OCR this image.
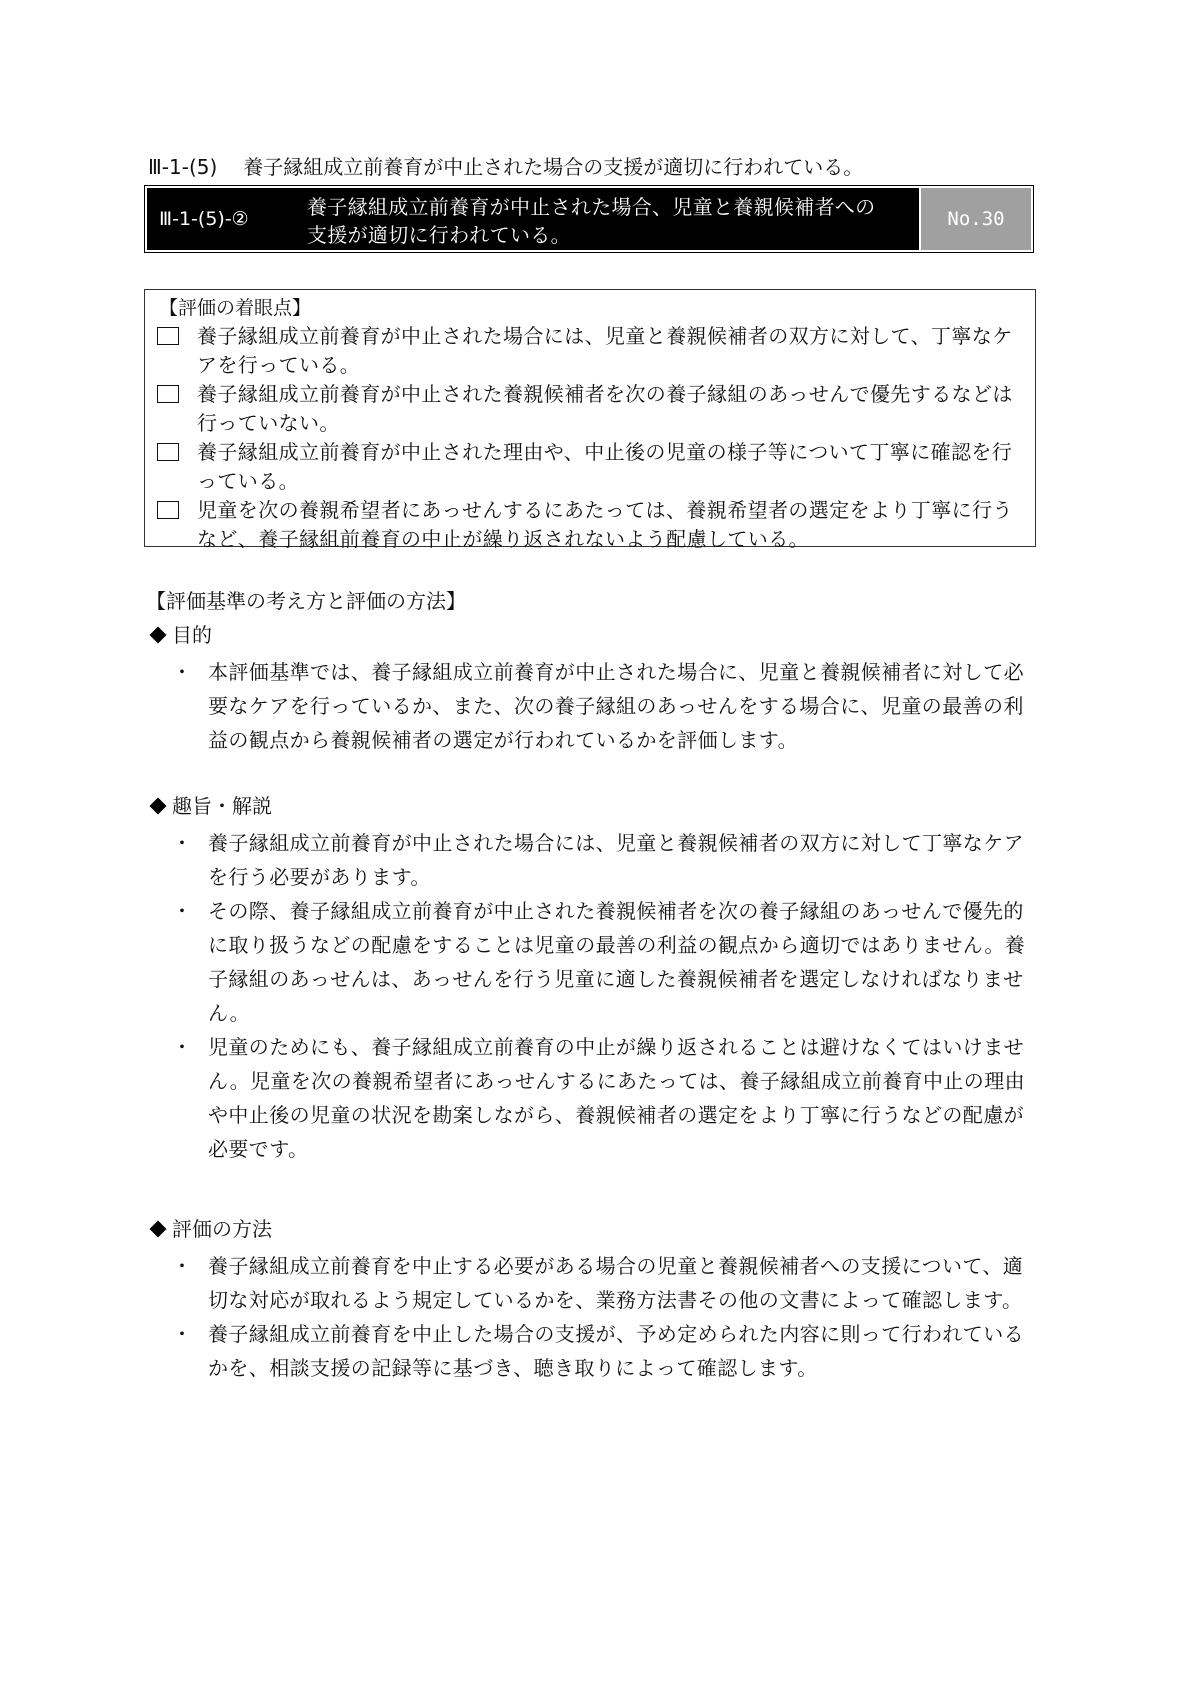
Ⅲ-1-(5) 養子縁組成立前養育が中止された場合の支援が適切に行われている。
Ⅲ-1-(5)-②	養子縁組成立前養育が中止された場合、児童と養親候補者への
支援が適切に行われている。
No.30
【評価の着眼点】
養子縁組成立前養育が中止された場合には、児童と養親候補者の双方に対して、丁寧なケアを行っている。
養子縁組成立前養育が中止された養親候補者を次の養子縁組のあっせんで優先するなどは行っていない。
養子縁組成立前養育が中止された理由や、中止後の児童の様子等について丁寧に確認を行っている。
児童を次の養親希望者にあっせんするにあたっては、養親希望者の選定をより丁寧に行うなど、養子縁組前養育の中止が繰り返されないよう配慮している。
【評価基準の考え方と評価の方法】
目的
・ 本評価基準では、養子縁組成立前養育が中止された場合に、児童と養親候補者に対して必要なケアを行っているか、また、次の養子縁組のあっせんをする場合に、児童の最善の利益の観点から養親候補者の選定が行われているかを評価します。
趣旨・解説
・ 養子縁組成立前養育が中止された場合には、児童と養親候補者の双方に対して丁寧なケアを行う必要があります。
・ その際、養子縁組成立前養育が中止された養親候補者を次の養子縁組のあっせんで優先的に取り扱うなどの配慮をすることは児童の最善の利益の観点から適切ではありません。養子縁組のあっせんは、あっせんを行う児童に適した養親候補者を選定しなければなりません。
・ 児童のためにも、養子縁組成立前養育の中止が繰り返されることは避けなくてはいけません。児童を次の養親希望者にあっせんするにあたっては、養子縁組成立前養育中止の理由や中止後の児童の状況を勘案しながら、養親候補者の選定をより丁寧に行うなどの配慮が必要です。
評価の方法
・ 養子縁組成立前養育を中止する必要がある場合の児童と養親候補者への支援について、適切な対応が取れるよう規定しているかを、業務方法書その他の文書によって確認します。
・ 養子縁組成立前養育を中止した場合の支援が、予め定められた内容に則って行われているかを、相談支援の記録等に基づき、聴き取りによって確認します。
